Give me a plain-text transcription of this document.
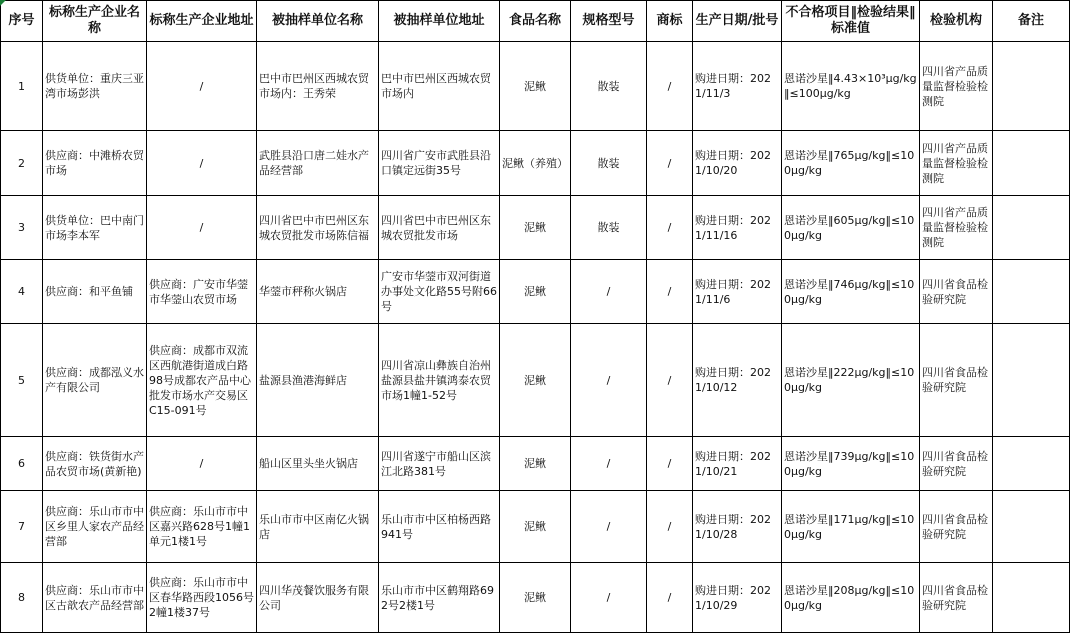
序号	标称生产企业名称	标称生产企业地址	被抽样单位名称	被抽样单位地址	食品名称	规格型号	商标	生产日期/批号	不合格项目‖检验结果‖标准值	检验机构	备注
1	供货单位：重庆三亚湾市场彭洪	/	巴中市巴州区西城农贸市场内：王秀荣	巴中市巴州区西城农贸市场内	泥鳅	散装	/	购进日期：2021/11/3	恩诺沙星‖4.43×10³μg/kg‖≤100μg/kg	四川省产品质量监督检验检测院	
2	供应商：中滩桥农贸市场	/	武胜县沿口唐二娃水产品经营部	四川省广安市武胜县沿口镇定远街35号	泥鳅（养殖）	散装	/	购进日期：2021/10/20	恩诺沙星‖765μg/kg‖≤100μg/kg	四川省产品质量监督检验检测院	
3	供货单位：巴中南门市场李本军	/	四川省巴中市巴州区东城农贸批发市场陈信福	四川省巴中市巴州区东城农贸批发市场	泥鳅	散装	/	购进日期：2021/11/16	恩诺沙星‖605μg/kg‖≤100μg/kg	四川省产品质量监督检验检测院	
4	供应商：和平鱼铺	供应商：广安市华蓥市华蓥山农贸市场	华蓥市秤称火锅店	广安市华蓥市双河街道办事处文化路55号附66号	泥鳅	/	/	购进日期：2021/11/6	恩诺沙星‖746μg/kg‖≤100μg/kg	四川省食品检验研究院	
5	供应商：成都泓义水产有限公司	供应商：成都市双流区西航港街道成白路98号成都农产品中心批发市场水产交易区C15-091号	盐源县渔港海鲜店	四川省凉山彝族自治州盐源县盐井镇鸿泰农贸市场1幢1-52号	泥鳅	/	/	购进日期：2021/10/12	恩诺沙星‖222μg/kg‖≤100μg/kg	四川省食品检验研究院	
6	供应商：铁货街水产品农贸市场(黄新艳)	/	船山区里头坐火锅店	四川省遂宁市船山区滨江北路381号	泥鳅	/	/	购进日期：2021/10/21	恩诺沙星‖739μg/kg‖≤100μg/kg	四川省食品检验研究院	
7	供应商：乐山市市中区乡里人家农产品经营部	供应商：乐山市市中区嘉兴路628号1幢1单元1楼1号	乐山市市中区南亿火锅店	乐山市市中区柏杨西路941号	泥鳅	/	/	购进日期：2021/10/28	恩诺沙星‖171μg/kg‖≤100μg/kg	四川省食品检验研究院	
8	供应商：乐山市市中区古歆农产品经营部	供应商：乐山市市中区春华路西段1056号2幢1楼37号	四川华茂餐饮服务有限公司	乐山市市中区鹤翔路692号2楼1号	泥鳅	/	/	购进日期：2021/10/29	恩诺沙星‖208μg/kg‖≤100μg/kg	四川省食品检验研究院	
